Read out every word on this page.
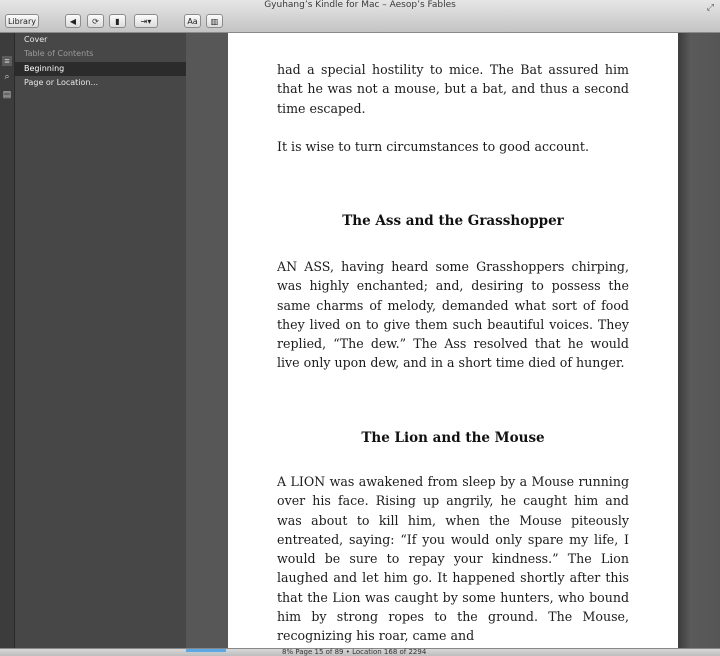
Gyuhang’s Kindle for Mac – Aesop’s Fables	⤢
Library	◀ ⟳ ▮	⇥▾	Aa	▥
≡
⌕
▤
Cover
Table of Contents
Beginning
Page or Location...

had a special hostility to mice. The Bat assured him that he was not a mouse, but a bat, and thus a second time escaped.

It is wise to turn circumstances to good account.

The Ass and the Grasshopper

AN ASS, having heard some Grasshoppers chirping, was highly enchanted; and, desiring to possess the same charms of melody, demanded what sort of food they lived on to give them such beautiful voices. They replied, “The dew.” The Ass resolved that he would live only upon dew, and in a short time died of hunger.

The Lion and the Mouse

A LION was awakened from sleep by a Mouse running over his face. Rising up angrily, he caught him and was about to kill him, when the Mouse piteously entreated, saying: “If you would only spare my life, I would be sure to repay your kindness.” The Lion laughed and let him go. It happened shortly after this that the Lion was caught by some hunters, who bound him by strong ropes to the ground. The Mouse, recognizing his roar, came and

8% Page 15 of 89 • Location 168 of 2294
